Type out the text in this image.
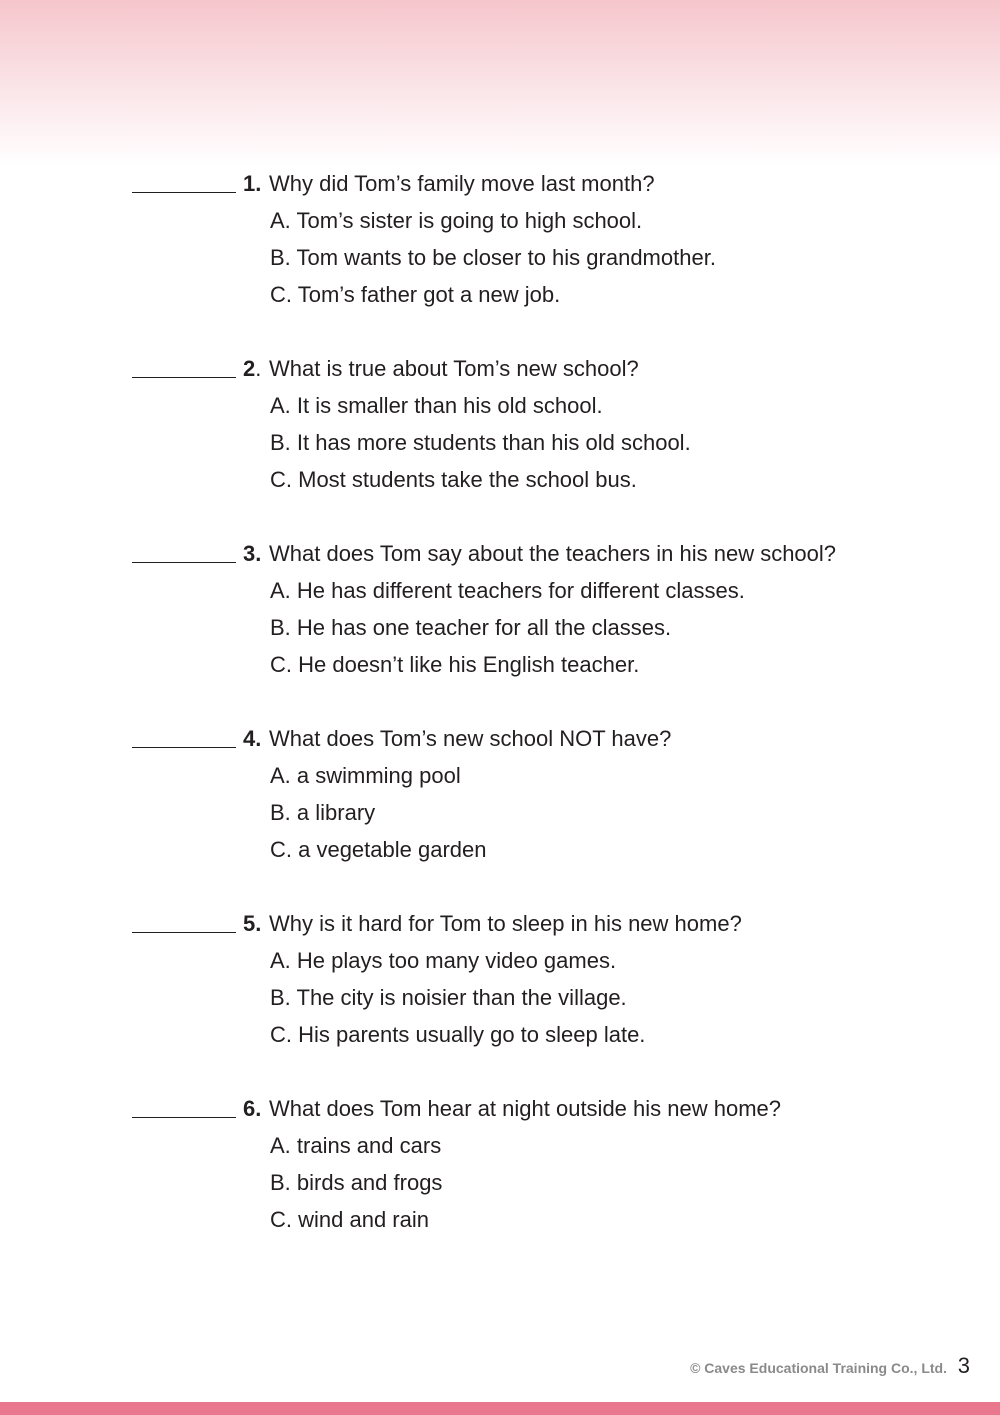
1. Why did Tom’s family move last month?
A. Tom’s sister is going to high school.
B. Tom wants to be closer to his grandmother.
C. Tom’s father got a new job.
2. What is true about Tom’s new school?
A. It is smaller than his old school.
B. It has more students than his old school.
C. Most students take the school bus.
3. What does Tom say about the teachers in his new school?
A. He has different teachers for different classes.
B. He has one teacher for all the classes.
C. He doesn’t like his English teacher.
4. What does Tom’s new school NOT have?
A. a swimming pool
B. a library
C. a vegetable garden
5. Why is it hard for Tom to sleep in his new home?
A. He plays too many video games.
B. The city is noisier than the village.
C. His parents usually go to sleep late.
6. What does Tom hear at night outside his new home?
A. trains and cars
B. birds and frogs
C. wind and rain
© Caves Educational Training Co., Ltd. 3
